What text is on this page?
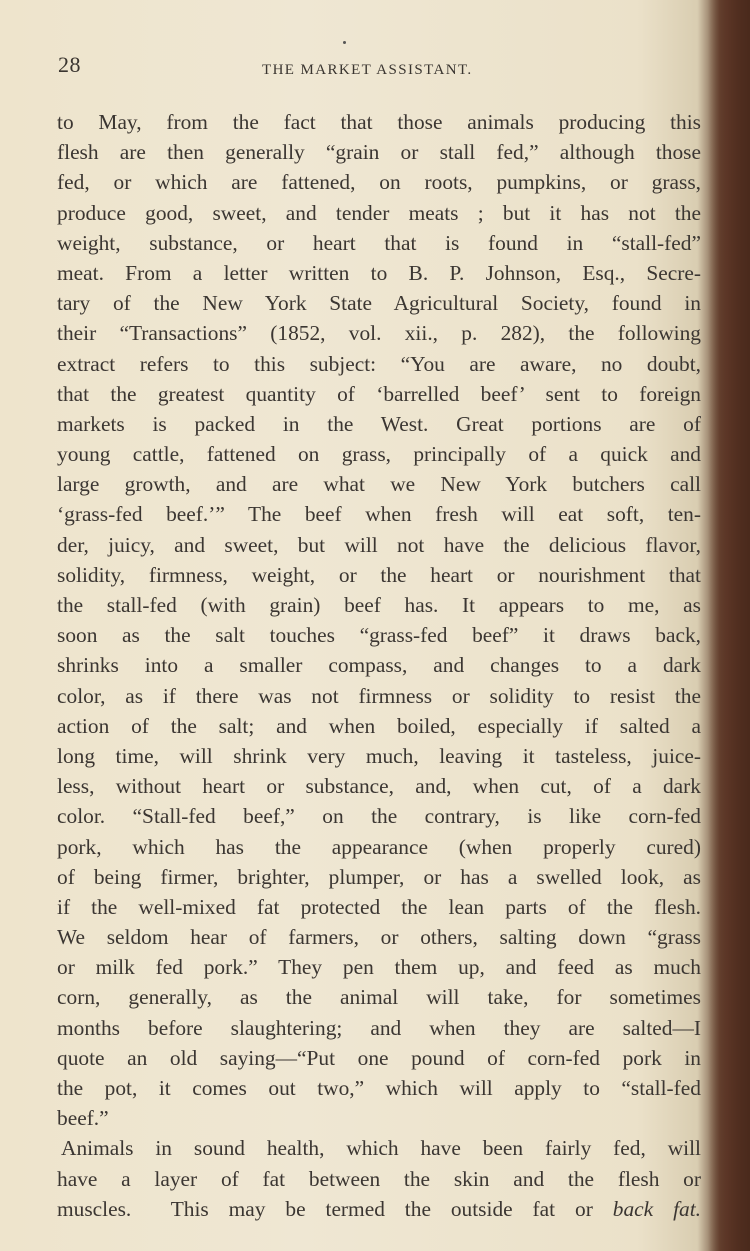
28	THE MARKET ASSISTANT.

to May, from the fact that those animals producing this
flesh are then generally “grain or stall fed,” although those
fed, or which are fattened, on roots, pumpkins, or grass,
produce good, sweet, and tender meats ; but it has not the
weight, substance, or heart that is found in “stall-fed”
meat. From a letter written to B. P. Johnson, Esq., Secre-
tary of the New York State Agricultural Society, found in
their “Transactions” (1852, vol. xii., p. 282), the following
extract refers to this subject: “You are aware, no doubt,
that the greatest quantity of ‘barrelled beef’ sent to foreign
markets is packed in the West. Great portions are of
young cattle, fattened on grass, principally of a quick and
large growth, and are what we New York butchers call
‘grass-fed beef.’” The beef when fresh will eat soft, ten-
der, juicy, and sweet, but will not have the delicious flavor,
solidity, firmness, weight, or the heart or nourishment that
the stall-fed (with grain) beef has. It appears to me, as
soon as the salt touches “grass-fed beef” it draws back,
shrinks into a smaller compass, and changes to a dark
color, as if there was not firmness or solidity to resist the
action of the salt; and when boiled, especially if salted a
long time, will shrink very much, leaving it tasteless, juice-
less, without heart or substance, and, when cut, of a dark
color. “Stall-fed beef,” on the contrary, is like corn-fed
pork, which has the appearance (when properly cured)
of being firmer, brighter, plumper, or has a swelled look, as
if the well-mixed fat protected the lean parts of the flesh.
We seldom hear of farmers, or others, salting down “grass
or milk fed pork.” They pen them up, and feed as much
corn, generally, as the animal will take, for sometimes
months before slaughtering; and when they are salted—I
quote an old saying—“Put one pound of corn-fed pork in
the pot, it comes out two,” which will apply to “stall-fed
beef.”

Animals in sound health, which have been fairly fed, will
have a layer of fat between the skin and the flesh or
muscles.  This may be termed the outside fat or back fat.
